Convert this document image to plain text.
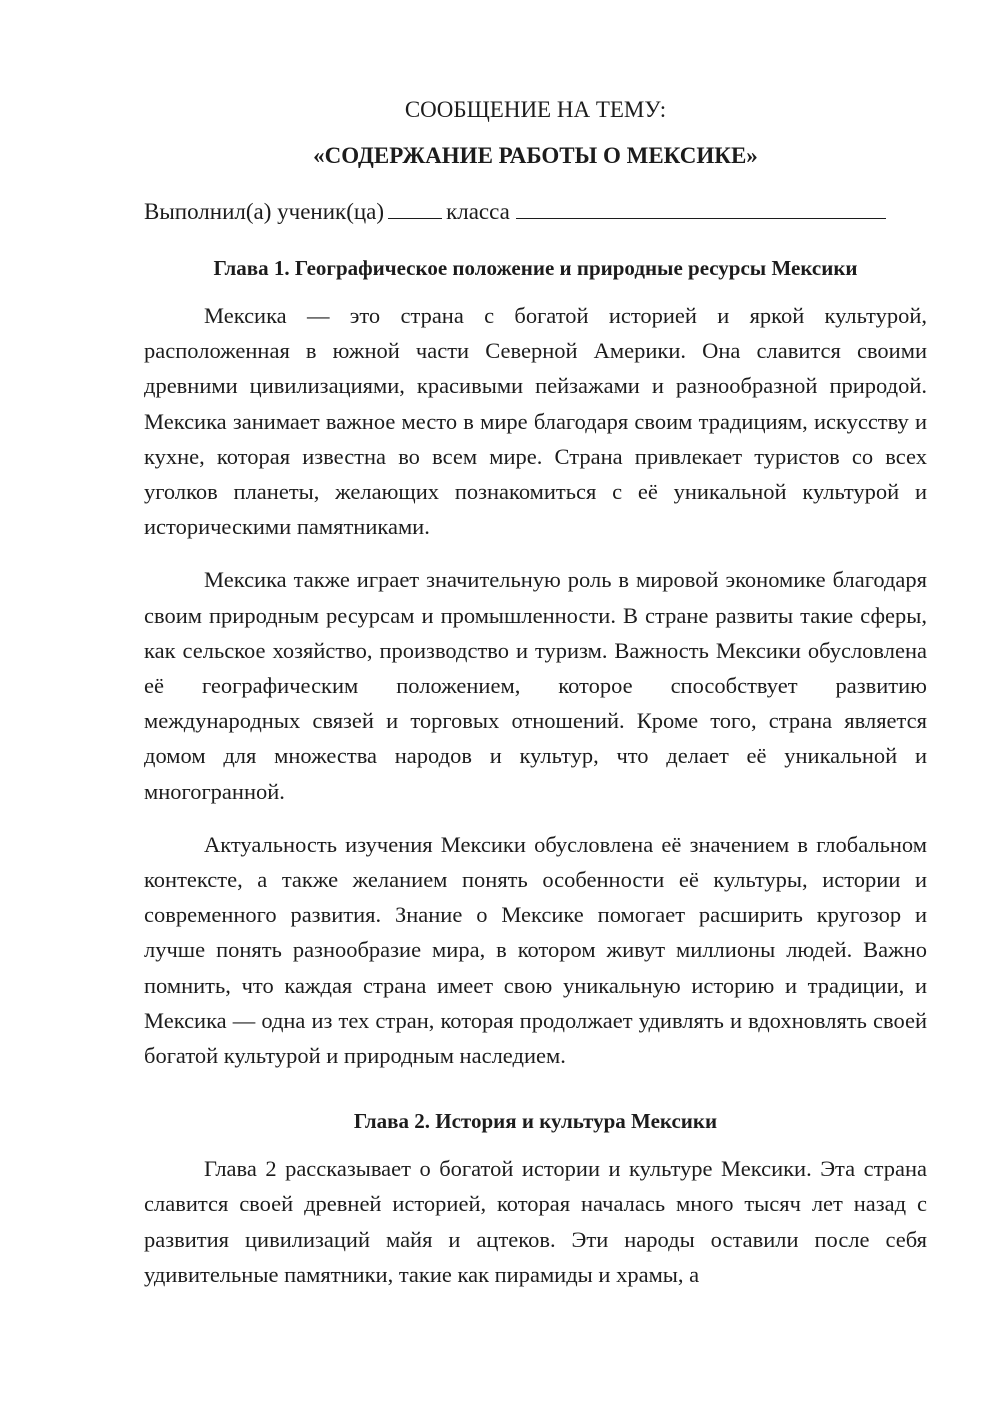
СООБЩЕНИЕ НА ТЕМУ:

«СОДЕРЖАНИЕ РАБОТЫ О МЕКСИКЕ»

Выполнил(а) ученик(ца)	класса
Глава 1. Географическое положение и природные ресурсы Мексики

Мексика — это страна с богатой историей и яркой культурой, расположенная в южной части Северной Америки. Она славится своими древними цивилизациями, красивыми пейзажами и разнообразной природой. Мексика занимает важное место в мире благодаря своим традициям, искусству и кухне, которая известна во всем мире. Страна привлекает туристов со всех уголков планеты, желающих познакомиться с её уникальной культурой и историческими памятниками.

Мексика также играет значительную роль в мировой экономике благодаря своим природным ресурсам и промышленности. В стране развиты такие сферы, как сельское хозяйство, производство и туризм. Важность Мексики обусловлена её географическим положением, которое способствует развитию международных связей и торговых отношений. Кроме того, страна является домом для множества народов и культур, что делает её уникальной и многогранной.

Актуальность изучения Мексики обусловлена её значением в глобальном контексте, а также желанием понять особенности её культуры, истории и современного развития. Знание о Мексике помогает расширить кругозор и лучше понять разнообразие мира, в котором живут миллионы людей. Важно помнить, что каждая страна имеет свою уникальную историю и традиции, и Мексика — одна из тех стран, которая продолжает удивлять и вдохновлять своей богатой культурой и природным наследием.

Глава 2. История и культура Мексики

Глава 2 рассказывает о богатой истории и культуре Мексики. Эта страна славится своей древней историей, которая началась много тысяч лет назад с развития цивилизаций майя и ацтеков. Эти народы оставили после себя удивительные памятники, такие как пирамиды и храмы, а
